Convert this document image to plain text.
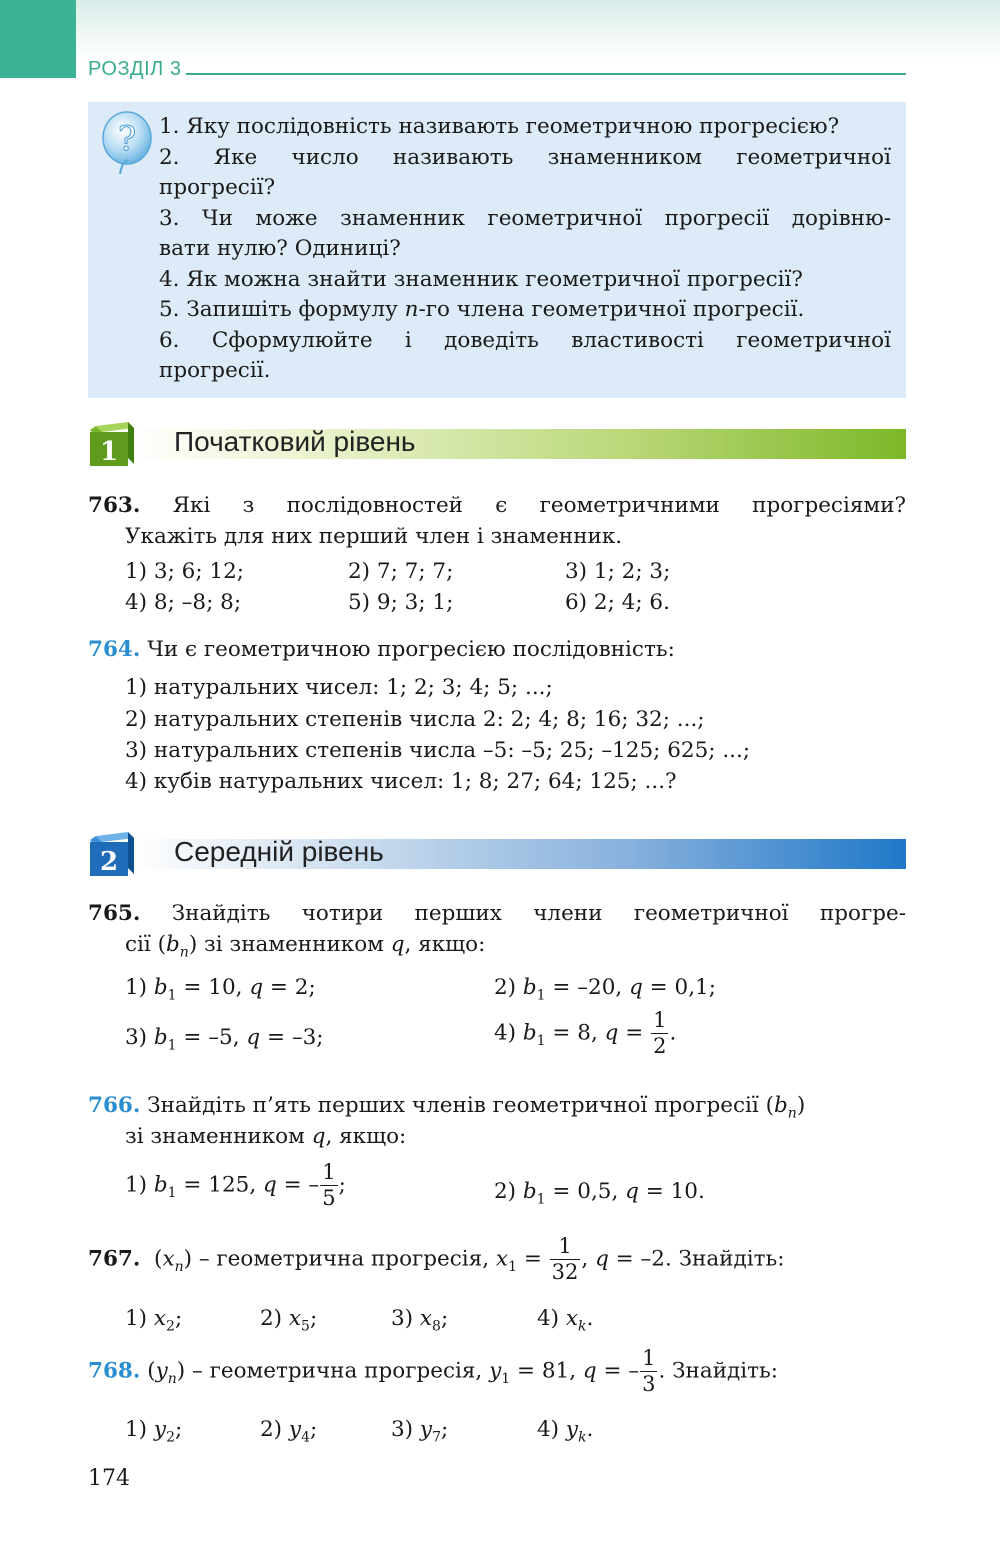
РОЗДІЛ 3
? 1. Яку послідовність називають геометричною прогресією?
2. Яке число називають знаменником геометричної
прогресії?
3. Чи може знаменник геометричної прогресії дорівню-
вати нулю? Одиниці?
4. Як можна знайти знаменник геометричної прогресії?
5. Запишіть формулу n-го члена геометричної прогресії.
6. Сформулюйте і доведіть властивості геометричної
прогресії.
1 Початковий рівень
763. Які з послідовностей є геометричними прогресіями?
Укажіть для них перший член і знаменник.
1) 3; 6; 12;	2) 7; 7; 7;	3) 1; 2; 3;
4) 8; –8; 8;	5) 9; 3; 1;	6) 2; 4; 6.
764. Чи є геометричною прогресією послідовність:
1) натуральних чисел: 1; 2; 3; 4; 5; ...;
2) натуральних степенів числа 2: 2; 4; 8; 16; 32; ...;
3) натуральних степенів числа –5: –5; 25; –125; 625; ...;
4) кубів натуральних чисел: 1; 8; 27; 64; 125; ...?
2 Середній рівень
765. Знайдіть чотири перших члени геометричної прогре-
сії $(b_n)$ зі знаменником q, якщо:
1) $b_1 = 10$, q = 2;	2) $b_1 = -20$, q = 0,1;
3) $b_1 = -5$, q = –3;	4) $b_1 = 8$, $q = \frac{1}{2}$ .
766. Знайдіть п’ять перших членів геометричної прогресії $(b_n)$
зі знаменником q, якщо:
1) $b_1 = 125$, q = – $\frac{1}{5}$ ;	2) $b_1 = 0,5$, q = 10.
767. $(x_n)$ – геометрична прогресія, $x_1 = \frac{1}{32}$ , q = –2. Знайдіть:
1) $x_2$;	2) $x_5$;	3) $x_8$;	4) $x_k$.
768. $(y_n)$ – геометрична прогресія, $y_1 = 81$, q = – $\frac{1}{3}$ . Знайдіть:
1) $y_2$;	2) $y_4$;	3) $y_7$;	4) $y_k$.
174
